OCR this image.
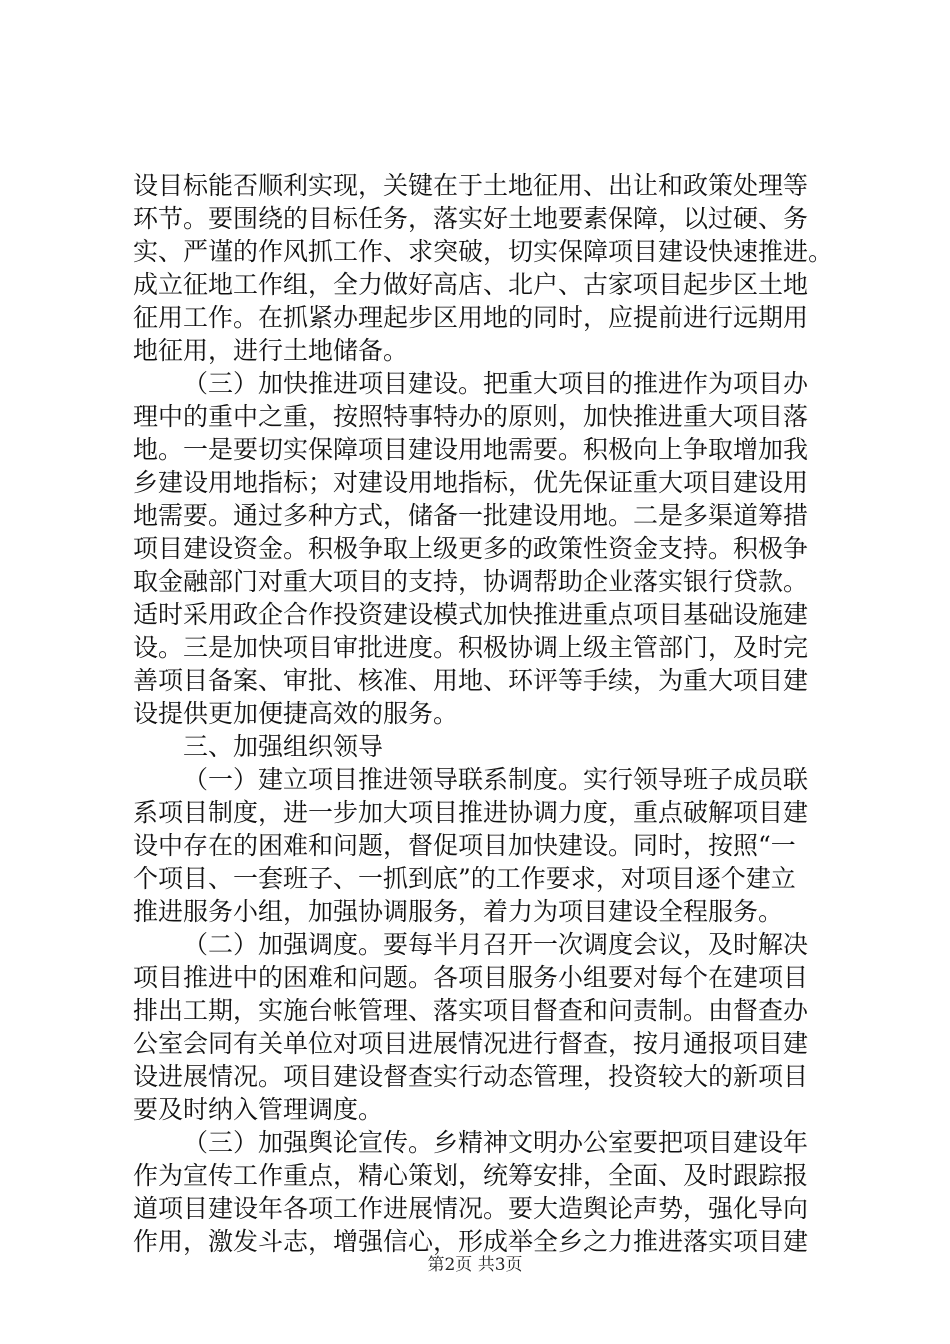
设目标能否顺利实现，关键在于土地征用、出让和政策处理等
环节。要围绕的目标任务，落实好土地要素保障，以过硬、务
实、严谨的作风抓工作、求突破，切实保障项目建设快速推进。
成立征地工作组，全力做好高店、北户、古家项目起步区土地
征用工作。在抓紧办理起步区用地的同时，应提前进行远期用
地征用，进行土地储备。
（三）加快推进项目建设。把重大项目的推进作为项目办
理中的重中之重，按照特事特办的原则，加快推进重大项目落
地。一是要切实保障项目建设用地需要。积极向上争取增加我
乡建设用地指标；对建设用地指标，优先保证重大项目建设用
地需要。通过多种方式，储备一批建设用地。二是多渠道筹措
项目建设资金。积极争取上级更多的政策性资金支持。积极争
取金融部门对重大项目的支持，协调帮助企业落实银行贷款。
适时采用政企合作投资建设模式加快推进重点项目基础设施建
设。三是加快项目审批进度。积极协调上级主管部门，及时完
善项目备案、审批、核准、用地、环评等手续，为重大项目建
设提供更加便捷高效的服务。
三、加强组织领导
（一）建立项目推进领导联系制度。实行领导班子成员联
系项目制度，进一步加大项目推进协调力度，重点破解项目建
设中存在的困难和问题，督促项目加快建设。同时，按照“一
个项目、一套班子、一抓到底”的工作要求，对项目逐个建立
推进服务小组，加强协调服务，着力为项目建设全程服务。
（二）加强调度。要每半月召开一次调度会议，及时解决
项目推进中的困难和问题。各项目服务小组要对每个在建项目
排出工期，实施台帐管理、落实项目督查和问责制。由督查办
公室会同有关单位对项目进展情况进行督查，按月通报项目建
设进展情况。项目建设督查实行动态管理，投资较大的新项目
要及时纳入管理调度。
（三）加强舆论宣传。乡精神文明办公室要把项目建设年
作为宣传工作重点，精心策划，统筹安排，全面、及时跟踪报
道项目建设年各项工作进展情况。要大造舆论声势，强化导向
作用，激发斗志，增强信心，形成举全乡之力推进落实项目建
第2页 共3页
